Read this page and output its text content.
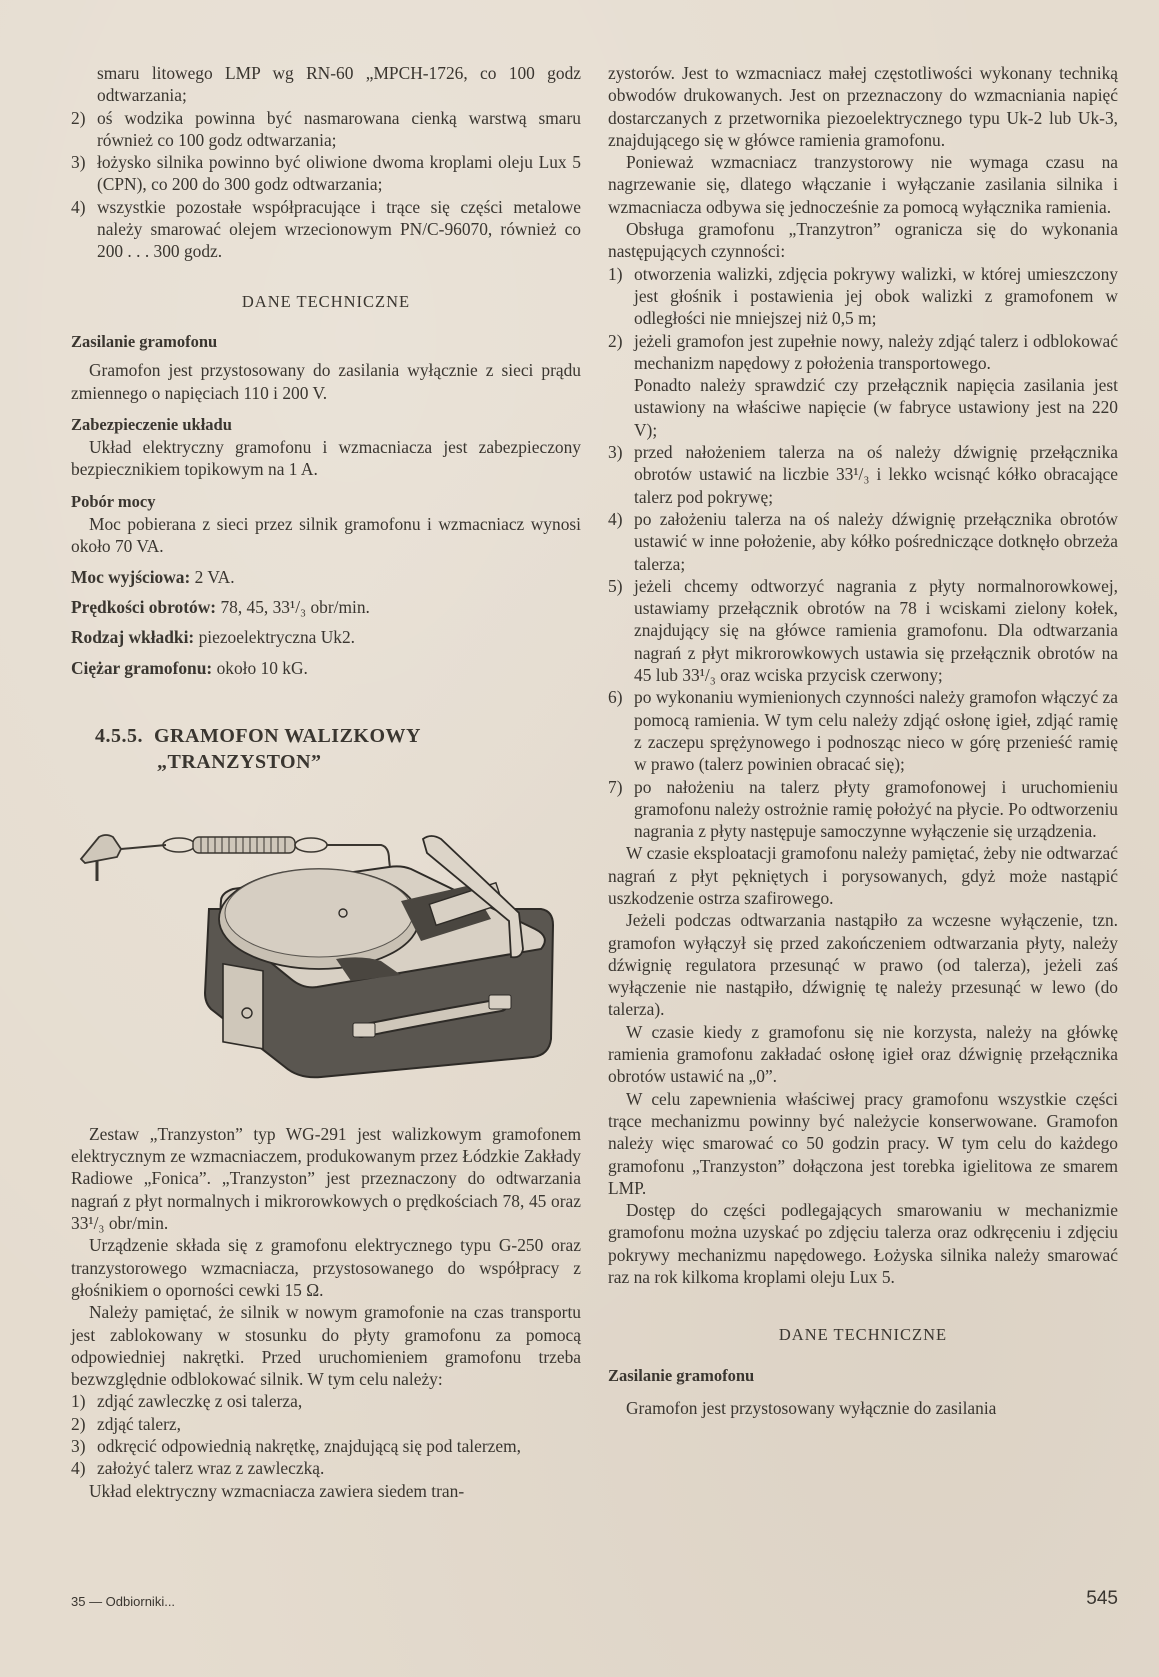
smaru litowego LMP wg RN-60 „MPCH-1726, co 100 godz odtwarzania;
2) oś wodzika powinna być nasmarowana cienką warstwą smaru również co 100 godz odtwarzania;
3) łożysko silnika powinno być oliwione dwoma kroplami oleju Lux 5 (CPN), co 200 do 300 godz odtwarzania;
4) wszystkie pozostałe współpracujące i trące się części metalowe należy smarować olejem wrzecionowym PN/C-96070, również co 200 . . . 300 godz.
DANE TECHNICZNE
Zasilanie gramofonu

Gramofon jest przystosowany do zasilania wyłącznie z sieci prądu zmiennego o napięciach 110 i 200 V.

Zabezpieczenie układu

Układ elektryczny gramofonu i wzmacniacza jest zabezpieczony bezpiecznikiem topikowym na 1 A.

Pobór mocy

Moc pobierana z sieci przez silnik gramofonu i wzmacniacz wynosi około 70 VA.

Moc wyjściowa: 2 VA.
Prędkości obrotów: 78, 45, 33¹/₃ obr/min.
Rodzaj wkładki: piezoelektryczna Uk2.
Ciężar gramofonu: około 10 kG.
4.5.5. GRAMOFON WALIZKOWY
„TRANZYSTON”

Zestaw „Tranzyston” typ WG-291 jest walizkowym gramofonem elektrycznym ze wzmacniaczem, produkowanym przez Łódzkie Zakłady Radiowe „Fonica”. „Tranzyston” jest przeznaczony do odtwarzania nagrań z płyt normalnych i mikrorowkowych o prędkościach 78, 45 oraz 33¹/₃ obr/min.

Urządzenie składa się z gramofonu elektrycznego typu G-250 oraz tranzystorowego wzmacniacza, przystosowanego do współpracy z głośnikiem o oporności cewki 15 Ω.

Należy pamiętać, że silnik w nowym gramofonie na czas transportu jest zablokowany w stosunku do płyty gramofonu za pomocą odpowiedniej nakrętki. Przed uruchomieniem gramofonu trzeba bezwzględnie odblokować silnik. W tym celu należy:

1) zdjąć zawleczkę z osi talerza,
2) zdjąć talerz,
3) odkręcić odpowiednią nakrętkę, znajdującą się pod talerzem,
4) założyć talerz wraz z zawleczką.

Układ elektryczny wzmacniacza zawiera siedem tran-

zystorów. Jest to wzmacniacz małej częstotliwości wykonany techniką obwodów drukowanych. Jest on przeznaczony do wzmacniania napięć dostarczanych z przetwornika piezoelektrycznego typu Uk-2 lub Uk-3, znajdującego się w główce ramienia gramofonu.

Ponieważ wzmacniacz tranzystorowy nie wymaga czasu na nagrzewanie się, dlatego włączanie i wyłączanie zasilania silnika i wzmacniacza odbywa się jednocześnie za pomocą wyłącznika ramienia.

Obsługa gramofonu „Tranzytron” ogranicza się do wykonania następujących czynności:

1) otworzenia walizki, zdjęcia pokrywy walizki, w której umieszczony jest głośnik i postawienia jej obok walizki z gramofonem w odległości nie mniejszej niż 0,5 m;
2) jeżeli gramofon jest zupełnie nowy, należy zdjąć talerz i odblokować mechanizm napędowy z położenia transportowego.
Ponadto należy sprawdzić czy przełącznik napięcia zasilania jest ustawiony na właściwe napięcie (w fabryce ustawiony jest na 220 V);
3) przed nałożeniem talerza na oś należy dźwignię przełącznika obrotów ustawić na liczbie 33¹/₃ i lekko wcisnąć kółko obracające talerz pod pokrywę;
4) po założeniu talerza na oś należy dźwignię przełącznika obrotów ustawić w inne położenie, aby kółko pośredniczące dotknęło obrzeża talerza;
5) jeżeli chcemy odtworzyć nagrania z płyty normalnorowkowej, ustawiamy przełącznik obrotów na 78 i wciskami zielony kołek, znajdujący się na główce ramienia gramofonu. Dla odtwarzania nagrań z płyt mikrorowkowych ustawia się przełącznik obrotów na 45 lub 33¹/₃ oraz wciska przycisk czerwony;
6) po wykonaniu wymienionych czynności należy gramofon włączyć za pomocą ramienia. W tym celu należy zdjąć osłonę igieł, zdjąć ramię z zaczepu sprężynowego i podnosząc nieco w górę przenieść ramię w prawo (talerz powinien obracać się);
7) po nałożeniu na talerz płyty gramofonowej i uruchomieniu gramofonu należy ostrożnie ramię położyć na płycie. Po odtworzeniu nagrania z płyty następuje samoczynne wyłączenie się urządzenia.

W czasie eksploatacji gramofonu należy pamiętać, żeby nie odtwarzać nagrań z płyt pękniętych i porysowanych, gdyż może nastąpić uszkodzenie ostrza szafirowego.

Jeżeli podczas odtwarzania nastąpiło za wczesne wyłączenie, tzn. gramofon wyłączył się przed zakończeniem odtwarzania płyty, należy dźwignię regulatora przesunąć w prawo (od talerza), jeżeli zaś wyłączenie nie nastąpiło, dźwignię tę należy przesunąć w lewo (do talerza).

W czasie kiedy z gramofonu się nie korzysta, należy na główkę ramienia gramofonu zakładać osłonę igieł oraz dźwignię przełącznika obrotów ustawić na „0”.

W celu zapewnienia właściwej pracy gramofonu wszystkie części trące mechanizmu powinny być należycie konserwowane. Gramofon należy więc smarować co 50 godzin pracy. W tym celu do każdego gramofonu „Tranzyston” dołączona jest torebka igielitowa ze smarem LMP.

Dostęp do części podlegających smarowaniu w mechanizmie gramofonu można uzyskać po zdjęciu talerza oraz odkręceniu i zdjęciu pokrywy mechanizmu napędowego. Łożyska silnika należy smarować raz na rok kilkoma kroplami oleju Lux 5.

DANE TECHNICZNE
Zasilanie gramofonu

Gramofon jest przystosowany wyłącznie do zasilania

35 — Odbiorniki...	545
